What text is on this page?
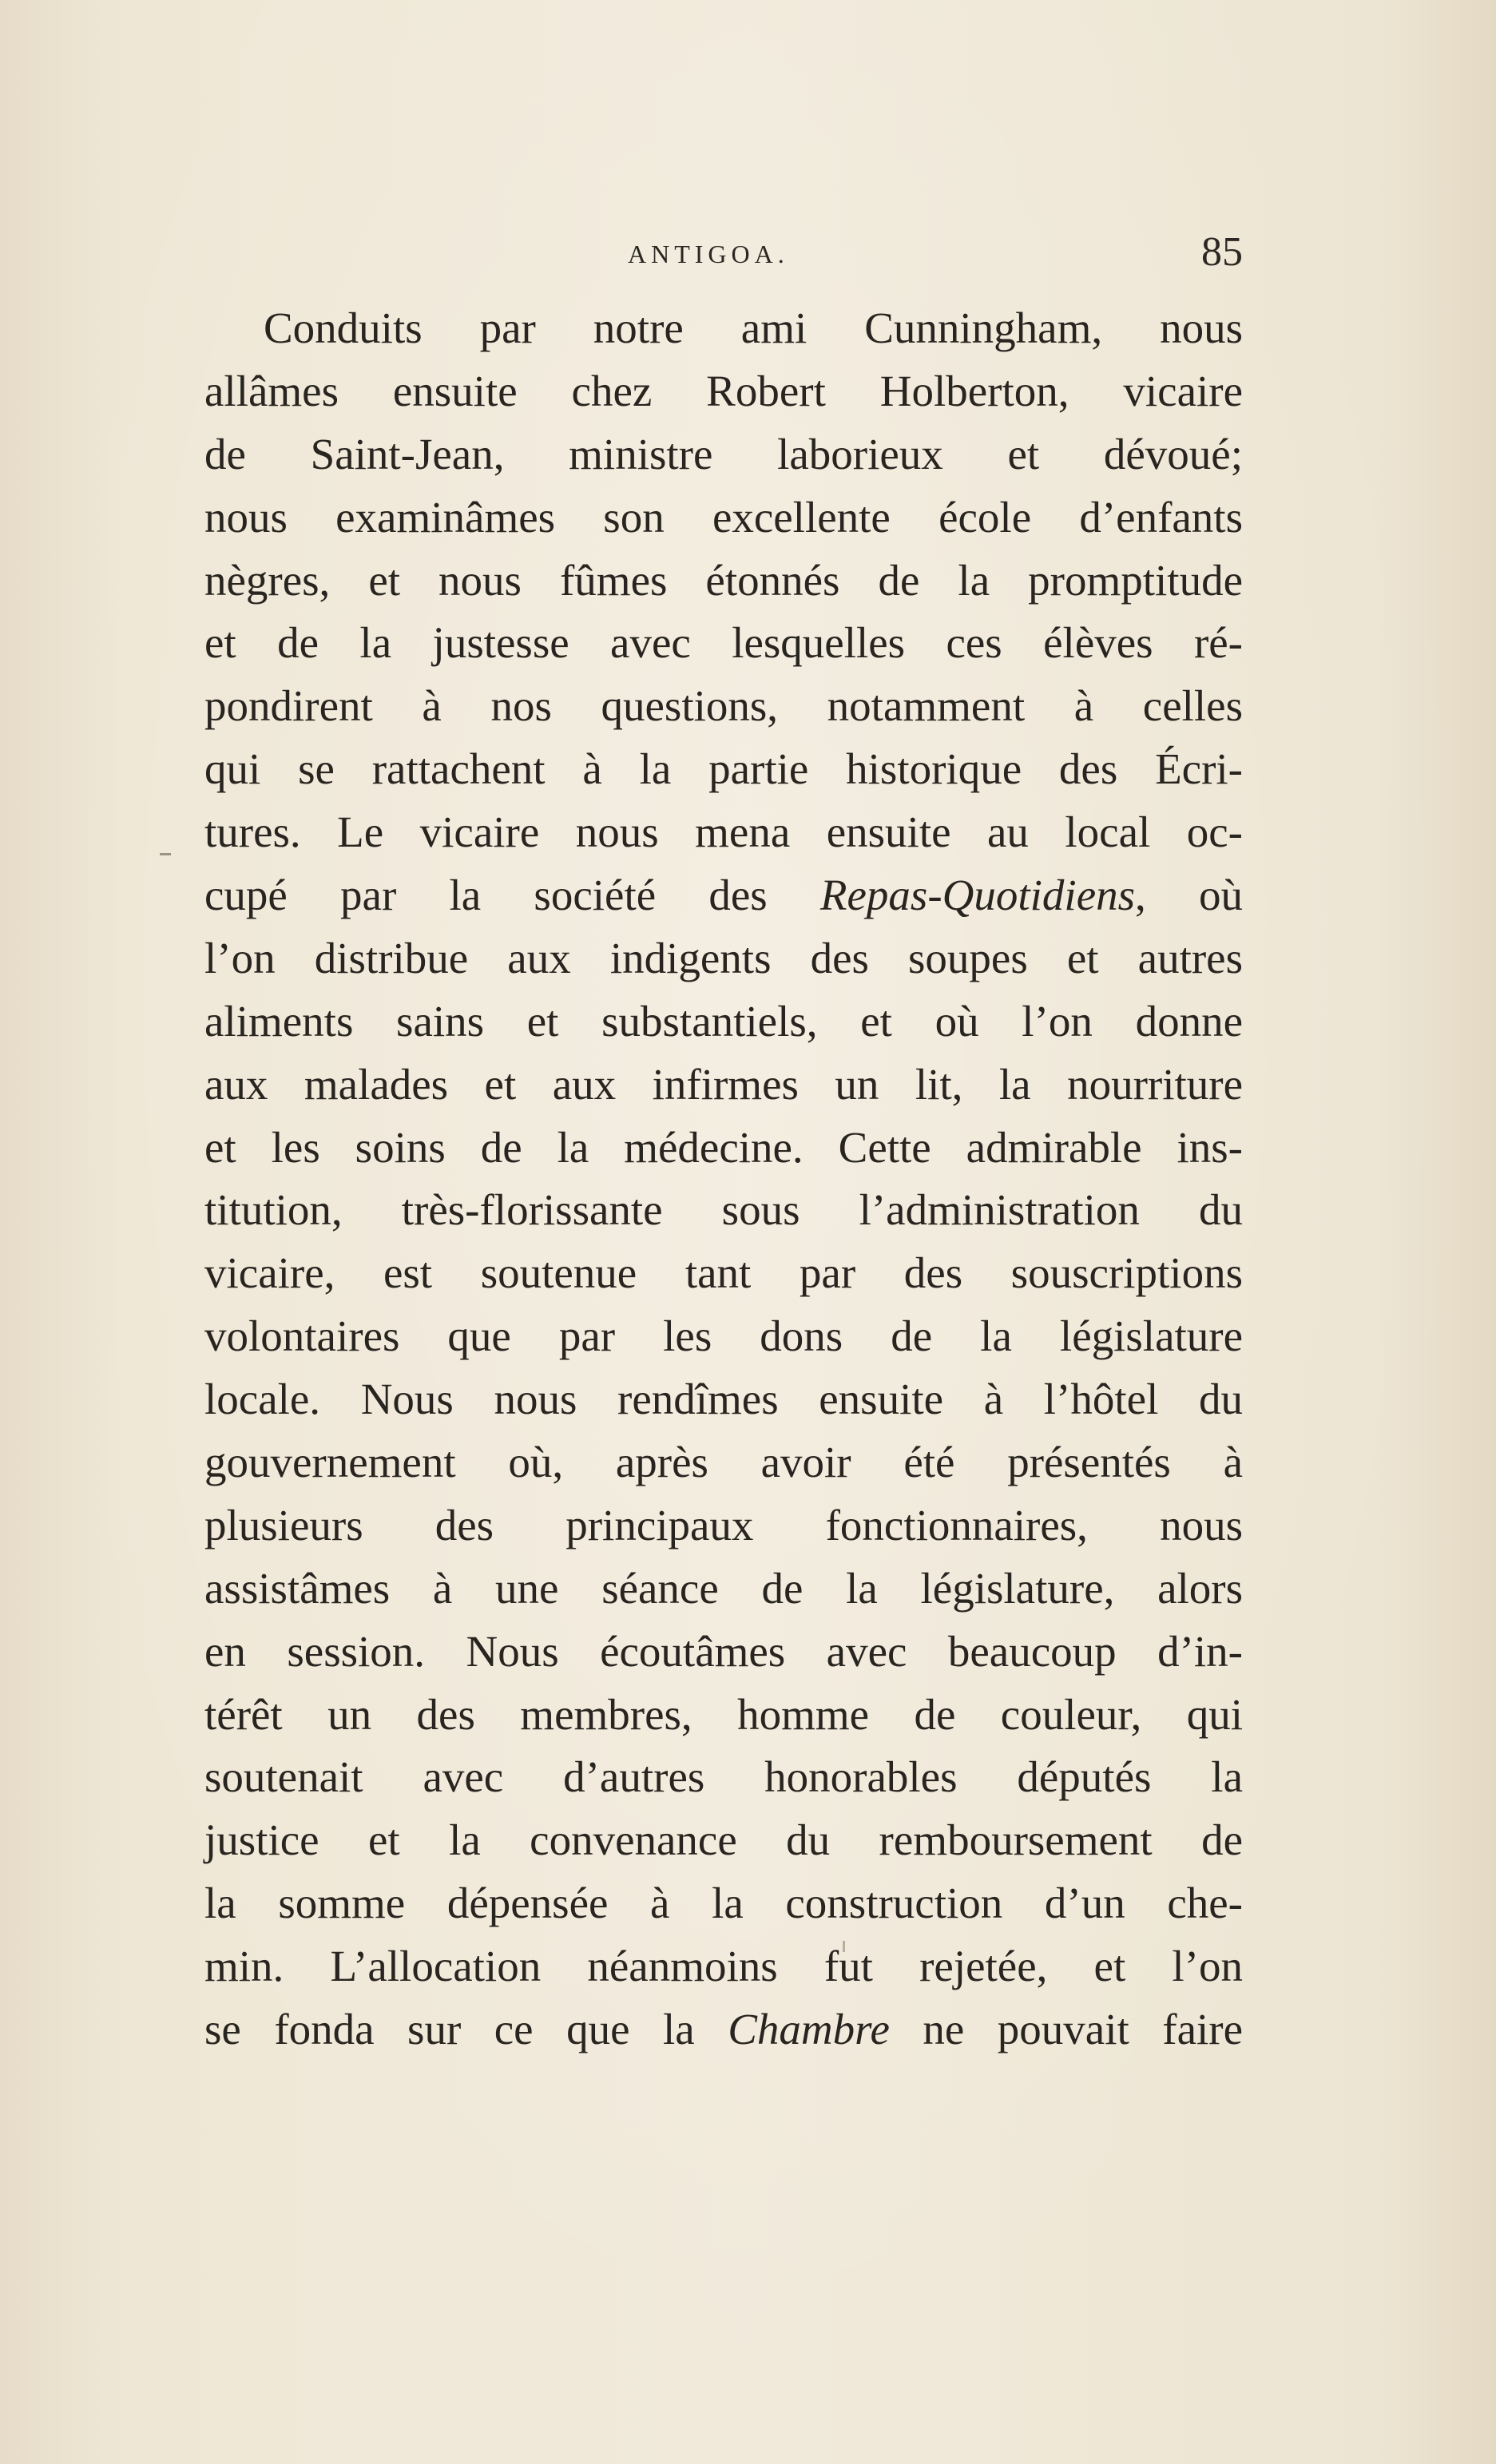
ANTIGOA.	85
Conduits par notre ami Cunningham, nous
allâmes ensuite chez Robert Holberton, vicaire
de Saint-Jean, ministre laborieux et dévoué;
nous examinâmes son excellente école d’enfants
nègres, et nous fûmes étonnés de la promptitude
et de la justesse avec lesquelles ces élèves ré-
pondirent à nos questions, notamment à celles
qui se rattachent à la partie historique des Écri-
tures. Le vicaire nous mena ensuite au local oc-
cupé par la société des Repas-Quotidiens, où
l’on distribue aux indigents des soupes et autres
aliments sains et substantiels, et où l’on donne
aux malades et aux infirmes un lit, la nourriture
et les soins de la médecine. Cette admirable ins-
titution, très-florissante sous l’administration du
vicaire, est soutenue tant par des souscriptions
volontaires que par les dons de la législature
locale. Nous nous rendîmes ensuite à l’hôtel du
gouvernement où, après avoir été présentés à
plusieurs des principaux fonctionnaires, nous
assistâmes à une séance de la législature, alors
en session. Nous écoutâmes avec beaucoup d’in-
térêt un des membres, homme de couleur, qui
soutenait avec d’autres honorables députés la
justice et la convenance du remboursement de
la somme dépensée à la construction d’un che-
min. L’allocation néanmoins fut rejetée, et l’on
se fonda sur ce que la Chambre ne pouvait faire
